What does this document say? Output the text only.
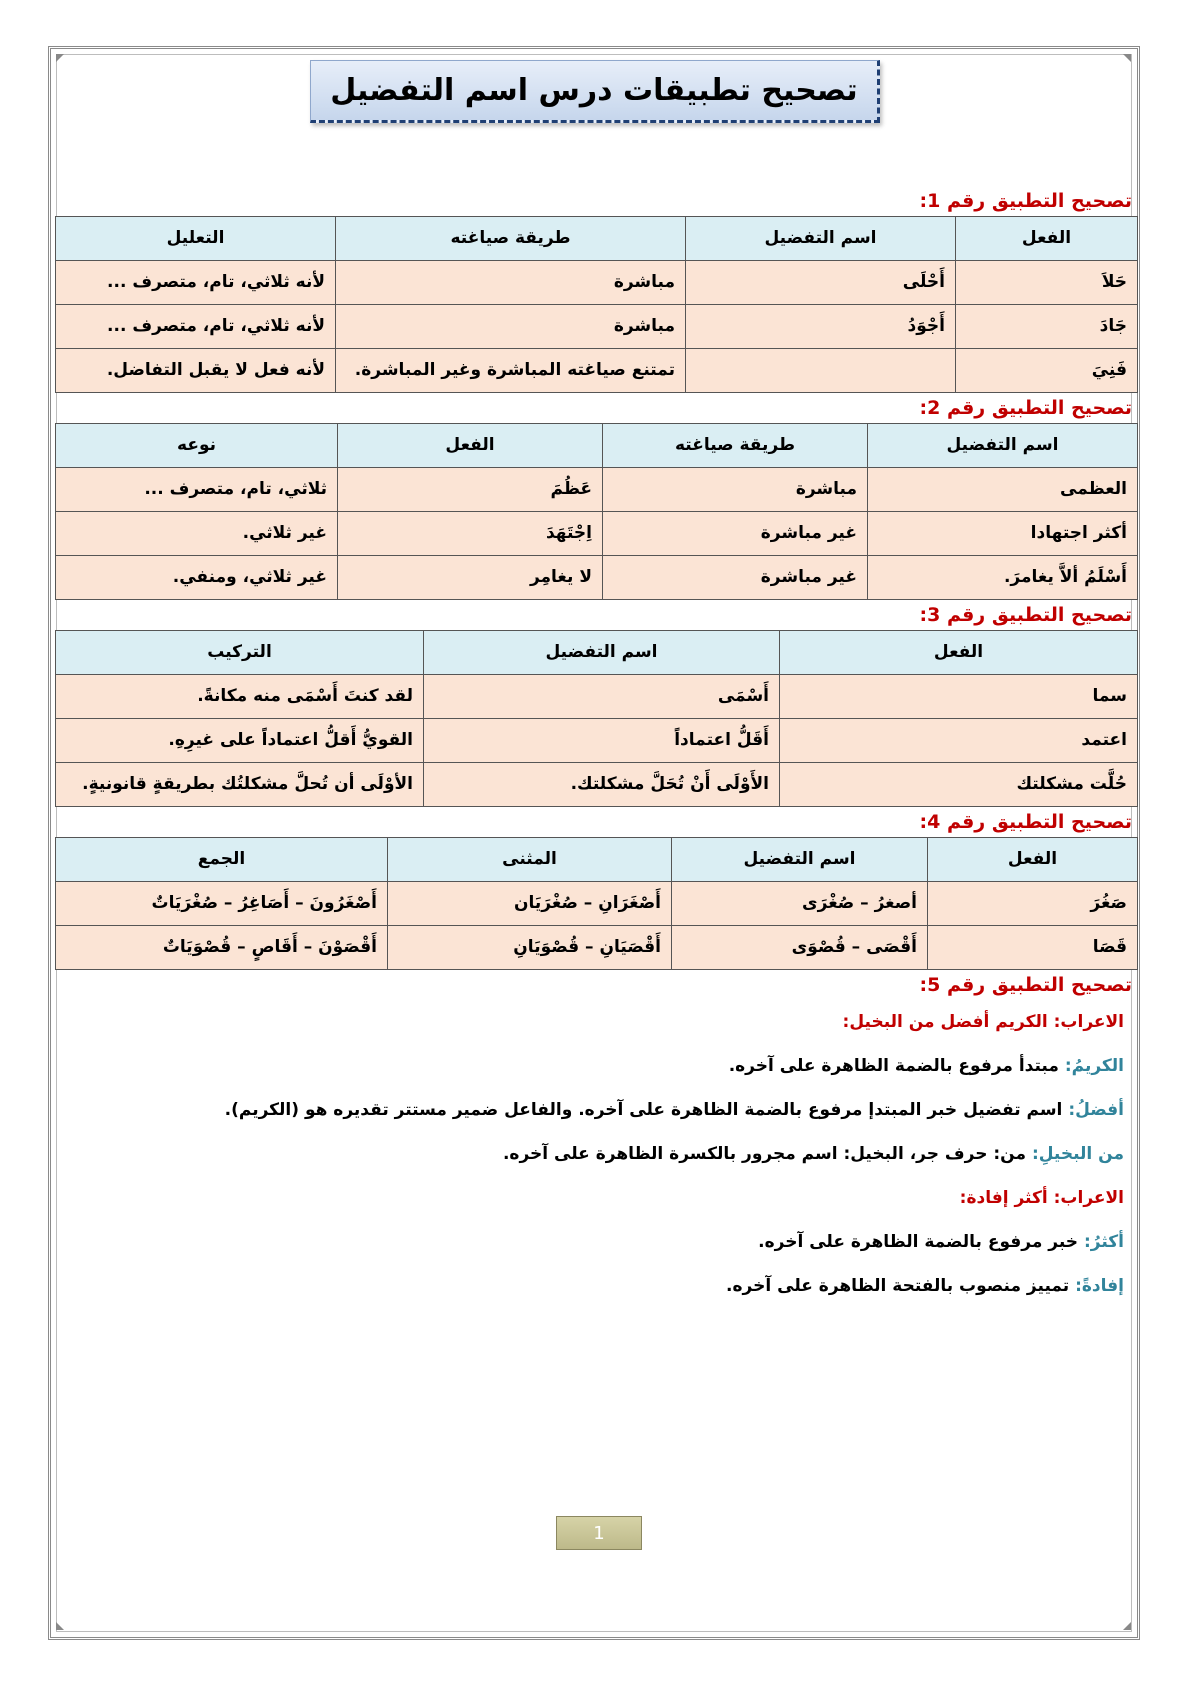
تصحيح تطبيقات درس اسم التفضيل
تصحيح التطبيق رقم 1:
الفعل	اسم التفضيل	طريقة صياغته	التعليل
حَلاَ	أَحْلَى	مباشرة	لأنه ثلاثي، تام، متصرف ...
جَادَ	أَجْوَدُ	مباشرة	لأنه ثلاثي، تام، متصرف ...
فَنِيَ		تمتنع صياغته المباشرة وغير المباشرة.	لأنه فعل لا يقبل التفاضل.
تصحيح التطبيق رقم 2:
اسم التفضيل	طريقة صياغته	الفعل	نوعه
العظمى	مباشرة	عَظُمَ	ثلاثي، تام، متصرف ...
أكثر اجتهادا	غير مباشرة	اِجْتَهَدَ	غير ثلاثي.
أَسْلَمُ ألاَّ يغامرَ.	غير مباشرة	لا يغامِر	غير ثلاثي، ومنفي.
تصحيح التطبيق رقم 3:
الفعل	اسم التفضيل	التركيب
سما	أَسْمَى	لقد كنتَ أَسْمَى منه مكانةً.
اعتمد	أَقَلُّ اعتماداً	القويُّ أَقلُّ اعتماداً على غيرِهِ.
حُلَّت مشكلتك	الأَوْلَى أَنْ تُحَلَّ مشكلتك.	الأوْلَى أن تُحلَّ مشكلتُك بطريقةٍ قانونيةٍ.
تصحيح التطبيق رقم 4:
الفعل	اسم التفضيل	المثنى	الجمع
صَغُرَ	أصغرُ – صُغْرَى	أَصْغَرَانِ – صُغْرَيَان	أَصْغَرُونَ – أَصَاغِرُ – صُغْرَيَاتٌ
قَصَا	أَقْصَى – قُصْوَى	أَقْصَيَانِ – قُصْوَيَانِ	أَقْصَوْنَ – أَقَاصٍ – قُصْوَيَاتٌ
تصحيح التطبيق رقم 5:
الاعراب: الكريم أفضل من البخيل:
الكريمُ: مبتدأ مرفوع بالضمة الظاهرة على آخره.
أفضلُ: اسم تفضيل خبر المبتدإ مرفوع بالضمة الظاهرة على آخره. والفاعل ضمير مستتر تقديره هو (الكريم).
من البخيلِ: من: حرف جر، البخيل: اسم مجرور بالكسرة الظاهرة على آخره.
الاعراب: أكثر إفادة:
أكثرُ: خبر مرفوع بالضمة الظاهرة على آخره.
إفادةً: تمييز منصوب بالفتحة الظاهرة على آخره.
1
